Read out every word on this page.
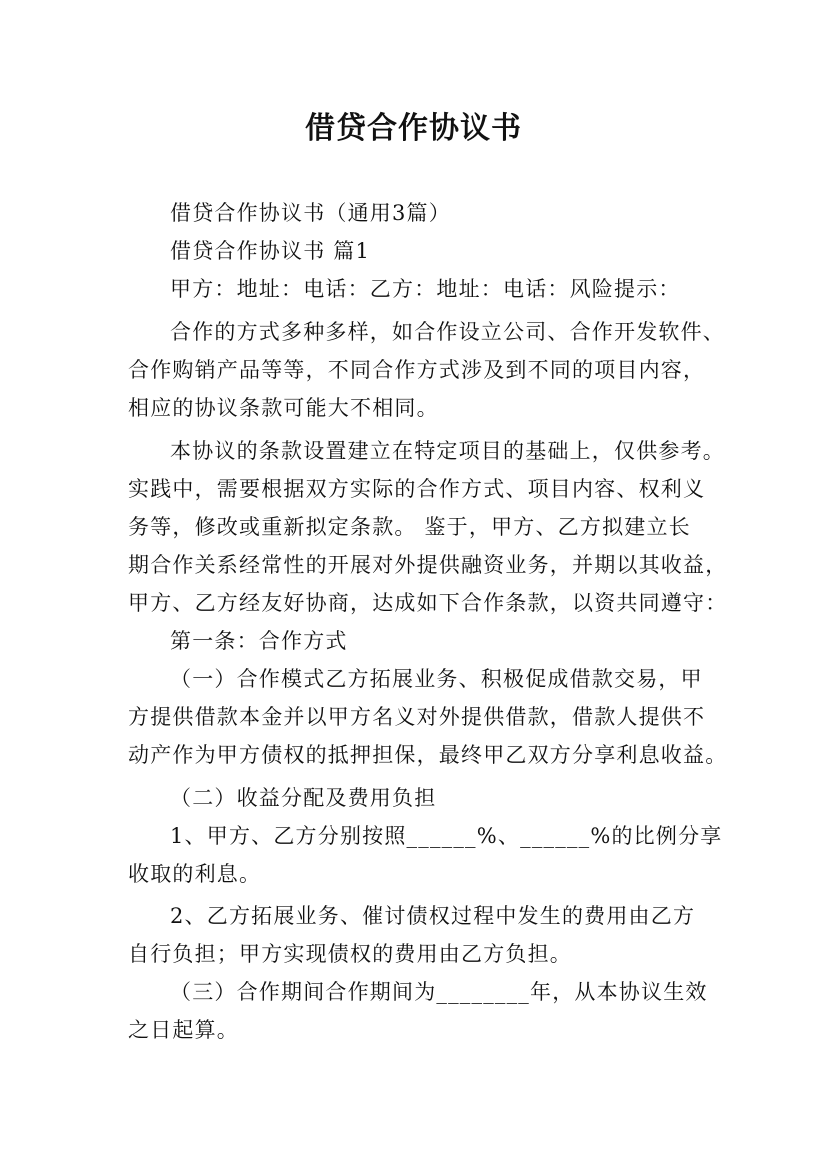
借贷合作协议书
借贷合作协议书（通用3篇）
借贷合作协议书 篇1
甲方：地址：电话：乙方：地址：电话：风险提示：
合作的方式多种多样，如合作设立公司、合作开发软件、
合作购销产品等等，不同合作方式涉及到不同的项目内容，
相应的协议条款可能大不相同。
本协议的条款设置建立在特定项目的基础上，仅供参考。
实践中，需要根据双方实际的合作方式、项目内容、权利义
务等，修改或重新拟定条款。 鉴于，甲方、乙方拟建立长
期合作关系经常性的开展对外提供融资业务，并期以其收益，
甲方、乙方经友好协商，达成如下合作条款，以资共同遵守：
第一条：合作方式
（一）合作模式乙方拓展业务、积极促成借款交易，甲
方提供借款本金并以甲方名义对外提供借款，借款人提供不
动产作为甲方债权的抵押担保，最终甲乙双方分享利息收益。
（二）收益分配及费用负担
1、甲方、乙方分别按照______%、______%的比例分享
收取的利息。
2、乙方拓展业务、催讨债权过程中发生的费用由乙方
自行负担；甲方实现债权的费用由乙方负担。
（三）合作期间合作期间为________年，从本协议生效
之日起算。
